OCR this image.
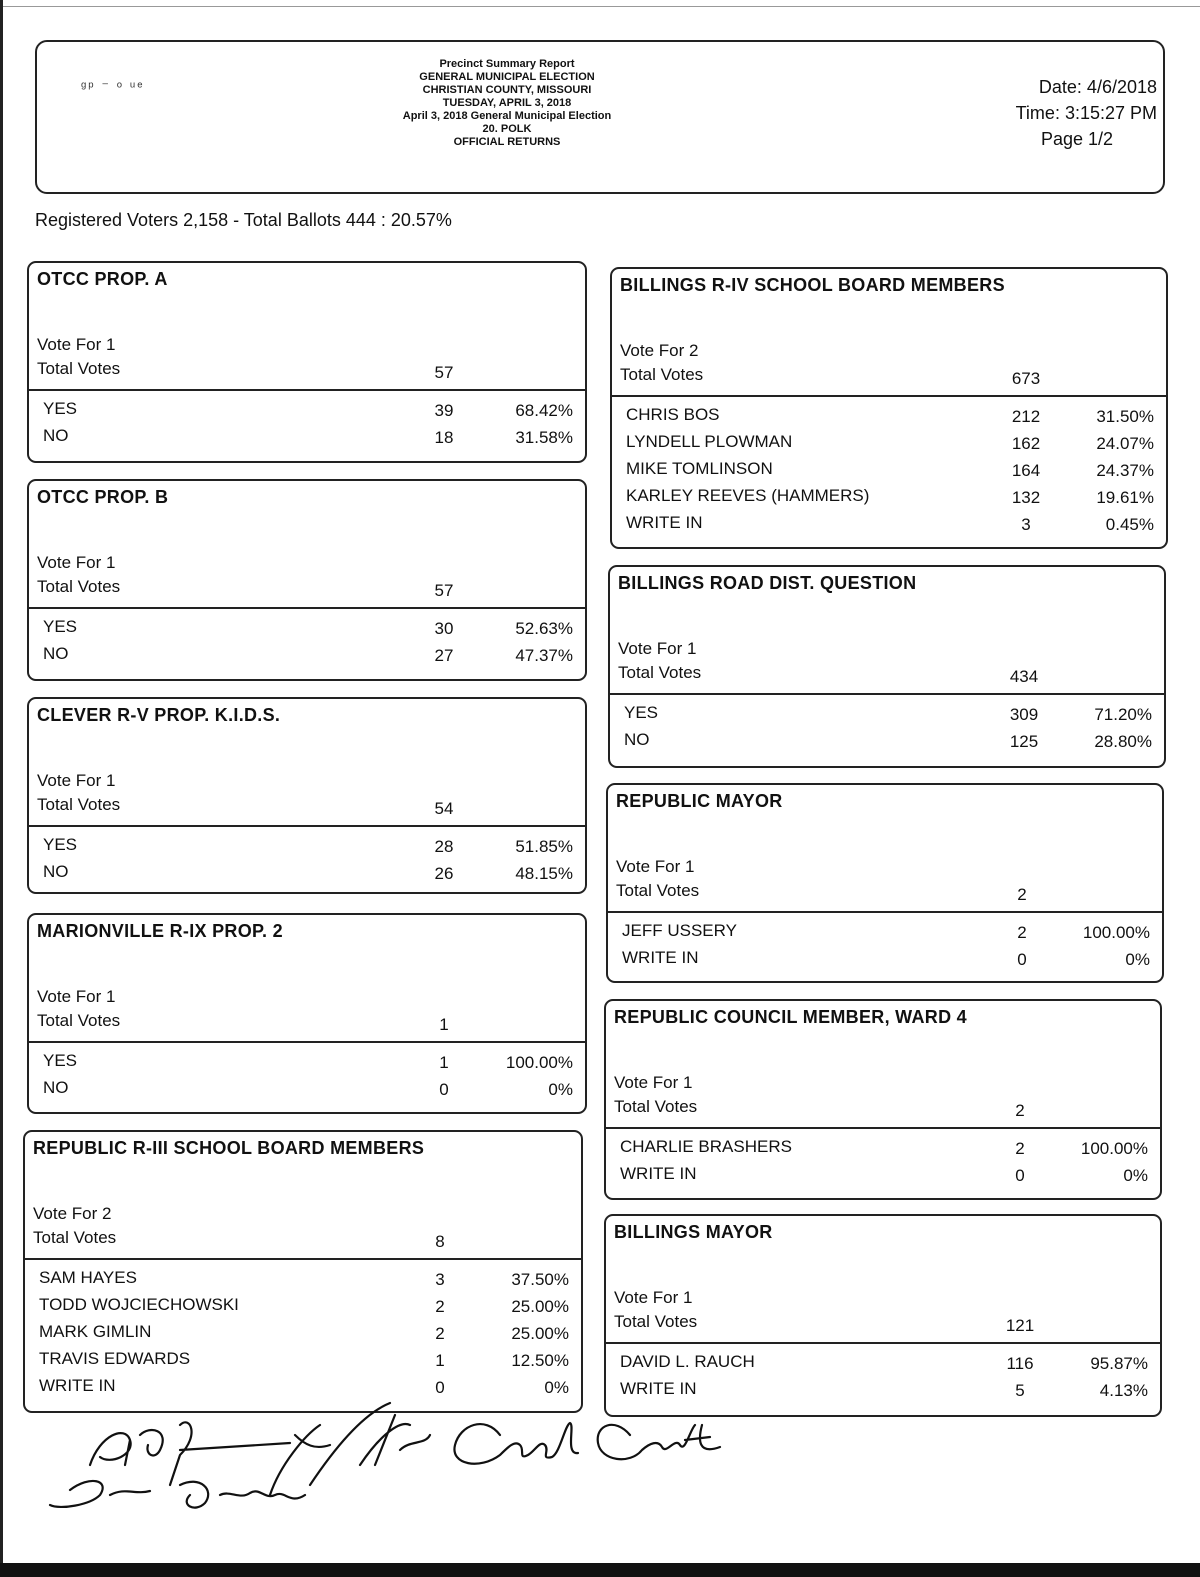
ᵍᵖ ⁻ ᵒ ᵘᵉ
Precinct Summary Report
GENERAL MUNICIPAL ELECTION
CHRISTIAN COUNTY, MISSOURI
TUESDAY, APRIL 3, 2018
April 3, 2018 General Municipal Election
20. POLK
OFFICIAL RETURNS
Date: 4/6/2018
Time: 3:15:27 PM
Page 1/2
Registered Voters 2,158 - Total Ballots 444 : 20.57%
OTCC PROP. A
Vote For 1
Total Votes	57
YES	39	68.42%
NO	18	31.58%
OTCC PROP. B
Vote For 1
Total Votes	57
YES	30	52.63%
NO	27	47.37%
CLEVER R-V PROP. K.I.D.S.
Vote For 1
Total Votes	54
YES	28	51.85%
NO	26	48.15%
MARIONVILLE R-IX PROP. 2
Vote For 1
Total Votes	1
YES	1	100.00%
NO	0	0%
REPUBLIC R-III SCHOOL BOARD MEMBERS
Vote For 2
Total Votes	8
SAM HAYES	3	37.50%
TODD WOJCIECHOWSKI	2	25.00%
MARK GIMLIN	2	25.00%
TRAVIS EDWARDS	1	12.50%
WRITE IN	0	0%
BILLINGS R-IV SCHOOL BOARD MEMBERS
Vote For 2
Total Votes	673
CHRIS BOS	212	31.50%
LYNDELL PLOWMAN	162	24.07%
MIKE TOMLINSON	164	24.37%
KARLEY REEVES (HAMMERS)	132	19.61%
WRITE IN	3	0.45%
BILLINGS ROAD DIST. QUESTION
Vote For 1
Total Votes	434
YES	309	71.20%
NO	125	28.80%
REPUBLIC MAYOR
Vote For 1
Total Votes	2
JEFF USSERY	2	100.00%
WRITE IN	0	0%
REPUBLIC COUNCIL MEMBER, WARD 4
Vote For 1
Total Votes	2
CHARLIE BRASHERS	2	100.00%
WRITE IN	0	0%
BILLINGS MAYOR
Vote For 1
Total Votes	121
DAVID L. RAUCH	116	95.87%
WRITE IN	5	4.13%
